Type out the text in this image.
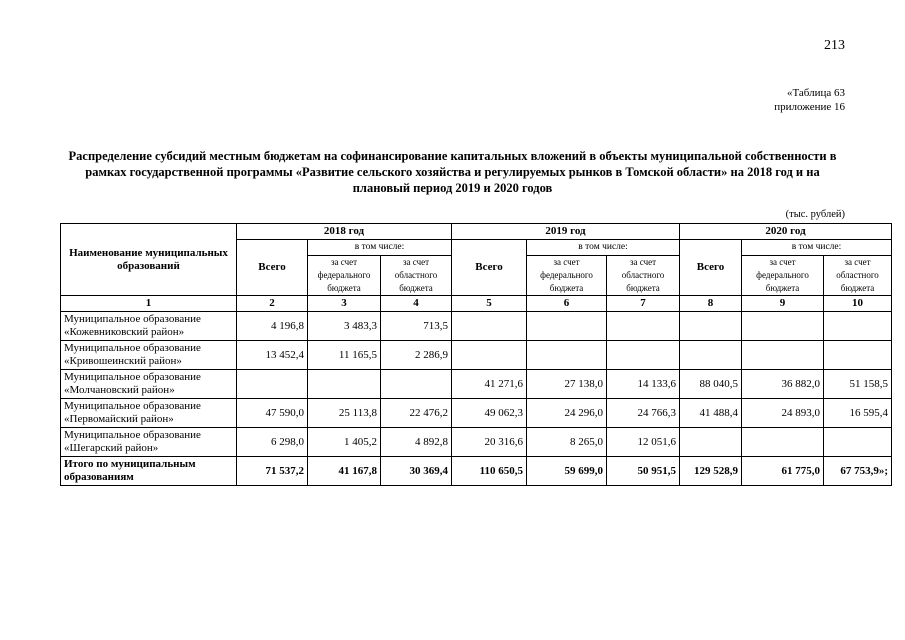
213
«Таблица 63
приложение 16
Распределение субсидий местным бюджетам на софинансирование капитальных вложений в объекты муниципальной собственности в рамках государственной программы «Развитие сельского хозяйства и регулируемых рынков в Томской области» на 2018 год и на плановый период 2019 и 2020 годов
(тыс. рублей)
Наименование муниципальных образований	2018 год			2019 год			2020 год		
	Всего	в том числе:		Всего	в том числе:		Всего	в том числе:	
		за счет федерального бюджета	за счет областного бюджета		за счет федерального бюджета	за счет областного бюджета		за счет федерального бюджета	за счет областного бюджета
1	2	3	4	5	6	7	8	9	10
Муниципальное образование «Кожевниковский район»	4 196,8	3 483,3	713,5						
Муниципальное образование «Кривошеинский район»	13 452,4	11 165,5	2 286,9						
Муниципальное образование «Молчановский район»				41 271,6	27 138,0	14 133,6	88 040,5	36 882,0	51 158,5
Муниципальное образование «Первомайский район»	47 590,0	25 113,8	22 476,2	49 062,3	24 296,0	24 766,3	41 488,4	24 893,0	16 595,4
Муниципальное образование «Шегарский район»	6 298,0	1 405,2	4 892,8	20 316,6	8 265,0	12 051,6			
Итого по муниципальным образованиям	71 537,2	41 167,8	30 369,4	110 650,5	59 699,0	50 951,5	129 528,9	61 775,0	67 753,9»;
